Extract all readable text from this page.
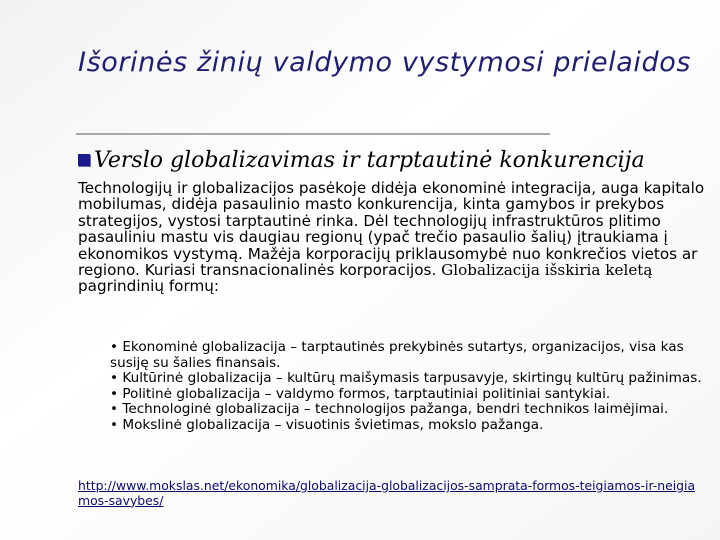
Išorinės žinių valdymo vystymosi prielaidos
Verslo globalizavimas ir tarptautinė konkurencija
Technologijų ir globalizacijos pasėkoje didėja ekonominė integracija, auga kapitalo mobilumas, didėja pasaulinio masto konkurencija, kinta gamybos ir prekybos strategijos, vystosi tarptautinė rinka. Dėl technologijų infrastruktūros plitimo pasauliniu mastu vis daugiau regionų (ypač trečio pasaulio šalių) įtraukiama į ekonomikos vystymą. Mažėja korporacijų priklausomybė nuo konkrečios vietos ar regiono. Kuriasi transnacionalinės korporacijos. Globalizacija išskiria keletą pagrindinių formų:
• Ekonominė globalizacija – tarptautinės prekybinės sutartys, organizacijos, visa kas susiję su šalies finansais.
• Kultūrinė globalizacija – kultūrų maišymasis tarpusavyje, skirtingų kultūrų pažinimas.
• Politinė globalizacija – valdymo formos, tarptautiniai politiniai santykiai.
• Technologinė globalizacija – technologijos pažanga, bendri technikos laimėjimai.
• Mokslinė globalizacija – visuotinis švietimas, mokslo pažanga.
http://www.mokslas.net/ekonomika/globalizacija-globalizacijos-samprata-formos-teigiamos-ir-neigiamos-savybes/
